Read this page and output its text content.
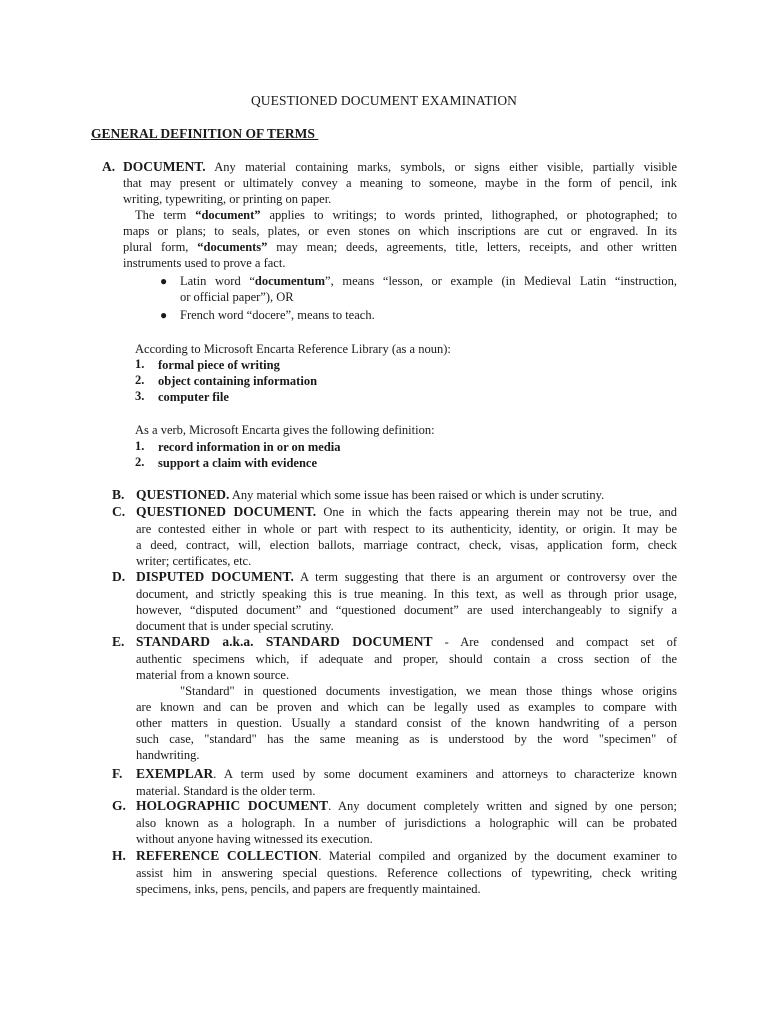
QUESTIONED DOCUMENT EXAMINATION
GENERAL DEFINITION OF TERMS
A. DOCUMENT. Any material containing marks, symbols, or signs either visible, partially visible
that may present or ultimately convey a meaning to someone, maybe in the form of pencil, ink
writing, typewriting, or printing on paper.
The term “document” applies to writings; to words printed, lithographed, or photographed; to
maps or plans; to seals, plates, or even stones on which inscriptions are cut or engraved. In its
plural form, “documents” may mean; deeds, agreements, title, letters, receipts, and other written
instruments used to prove a fact.
● Latin word “documentum”, means “lesson, or example (in Medieval Latin “instruction,
or official paper”), OR
● French word “docere”, means to teach.
According to Microsoft Encarta Reference Library (as a noun):
1. formal piece of writing
2. object containing information
3. computer file
As a verb, Microsoft Encarta gives the following definition:
1. record information in or on media
2. support a claim with evidence
B. QUESTIONED. Any material which some issue has been raised or which is under scrutiny.
C. QUESTIONED DOCUMENT. One in which the facts appearing therein may not be true, and
are contested either in whole or part with respect to its authenticity, identity, or origin. It may be
a deed, contract, will, election ballots, marriage contract, check, visas, application form, check
writer; certificates, etc.
D. DISPUTED DOCUMENT. A term suggesting that there is an argument or controversy over the
document, and strictly speaking this is true meaning. In this text, as well as through prior usage,
however, “disputed document” and “questioned document” are used interchangeably to signify a
document that is under special scrutiny.
E. STANDARD a.k.a. STANDARD DOCUMENT - Are condensed and compact set of
authentic specimens which, if adequate and proper, should contain a cross section of the
material from a known source.
"Standard" in questioned documents investigation, we mean those things whose origins
are known and can be proven and which can be legally used as examples to compare with
other matters in question. Usually a standard consist of the known handwriting of a person
such case, "standard" has the same meaning as is understood by the word "specimen" of
handwriting.
F. EXEMPLAR. A term used by some document examiners and attorneys to characterize known
material. Standard is the older term.
G. HOLOGRAPHIC DOCUMENT. Any document completely written and signed by one person;
also known as a holograph. In a number of jurisdictions a holographic will can be probated
without anyone having witnessed its execution.
H. REFERENCE COLLECTION. Material compiled and organized by the document examiner to
assist him in answering special questions. Reference collections of typewriting, check writing
specimens, inks, pens, pencils, and papers are frequently maintained.
